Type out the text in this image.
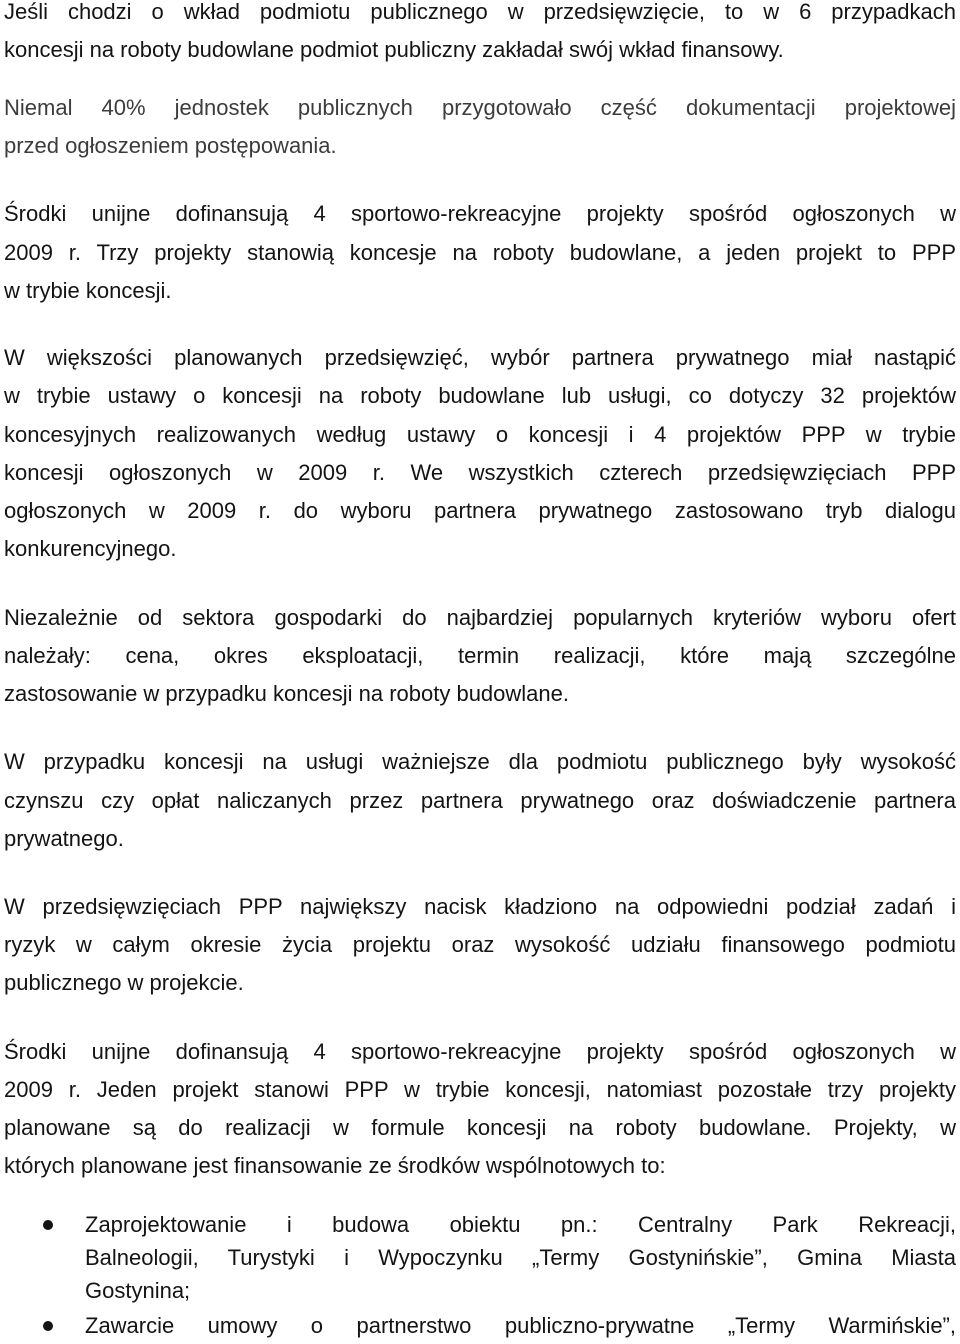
Jeśli chodzi o wkład podmiotu publicznego w przedsięwzięcie, to w 6 przypadkach
koncesji na roboty budowlane podmiot publiczny zakładał swój wkład finansowy.
Niemal 40% jednostek publicznych przygotowało część dokumentacji projektowej
przed ogłoszeniem postępowania.
Środki unijne dofinansują 4 sportowo-rekreacyjne projekty spośród ogłoszonych w
2009 r. Trzy projekty stanowią koncesje na roboty budowlane, a jeden projekt to PPP
w trybie koncesji.
W większości planowanych przedsięwzięć, wybór partnera prywatnego miał nastąpić
w trybie ustawy o koncesji na roboty budowlane lub usługi, co dotyczy 32 projektów
koncesyjnych realizowanych według ustawy o koncesji i 4 projektów PPP w trybie
koncesji ogłoszonych w 2009 r. We wszystkich czterech przedsięwzięciach PPP
ogłoszonych w 2009 r. do wyboru partnera prywatnego zastosowano tryb dialogu
konkurencyjnego.
Niezależnie od sektora gospodarki do najbardziej popularnych kryteriów wyboru ofert
należały: cena, okres eksploatacji, termin realizacji, które mają szczególne
zastosowanie w przypadku koncesji na roboty budowlane.
W przypadku koncesji na usługi ważniejsze dla podmiotu publicznego były wysokość
czynszu czy opłat naliczanych przez partnera prywatnego oraz doświadczenie partnera
prywatnego.
W przedsięwzięciach PPP największy nacisk kładziono na odpowiedni podział zadań i
ryzyk w całym okresie życia projektu oraz wysokość udziału finansowego podmiotu
publicznego w projekcie.
Środki unijne dofinansują 4 sportowo-rekreacyjne projekty spośród ogłoszonych w
2009 r. Jeden projekt stanowi PPP w trybie koncesji, natomiast pozostałe trzy projekty
planowane są do realizacji w formule koncesji na roboty budowlane. Projekty, w
których planowane jest finansowanie ze środków wspólnotowych to:
Zaprojektowanie i budowa obiektu pn.: Centralny Park Rekreacji,
Balneologii, Turystyki i Wypoczynku „Termy Gostynińskie”, Gmina Miasta
Gostynina;
Zawarcie umowy o partnerstwo publiczno-prywatne „Termy Warmińskie”,
